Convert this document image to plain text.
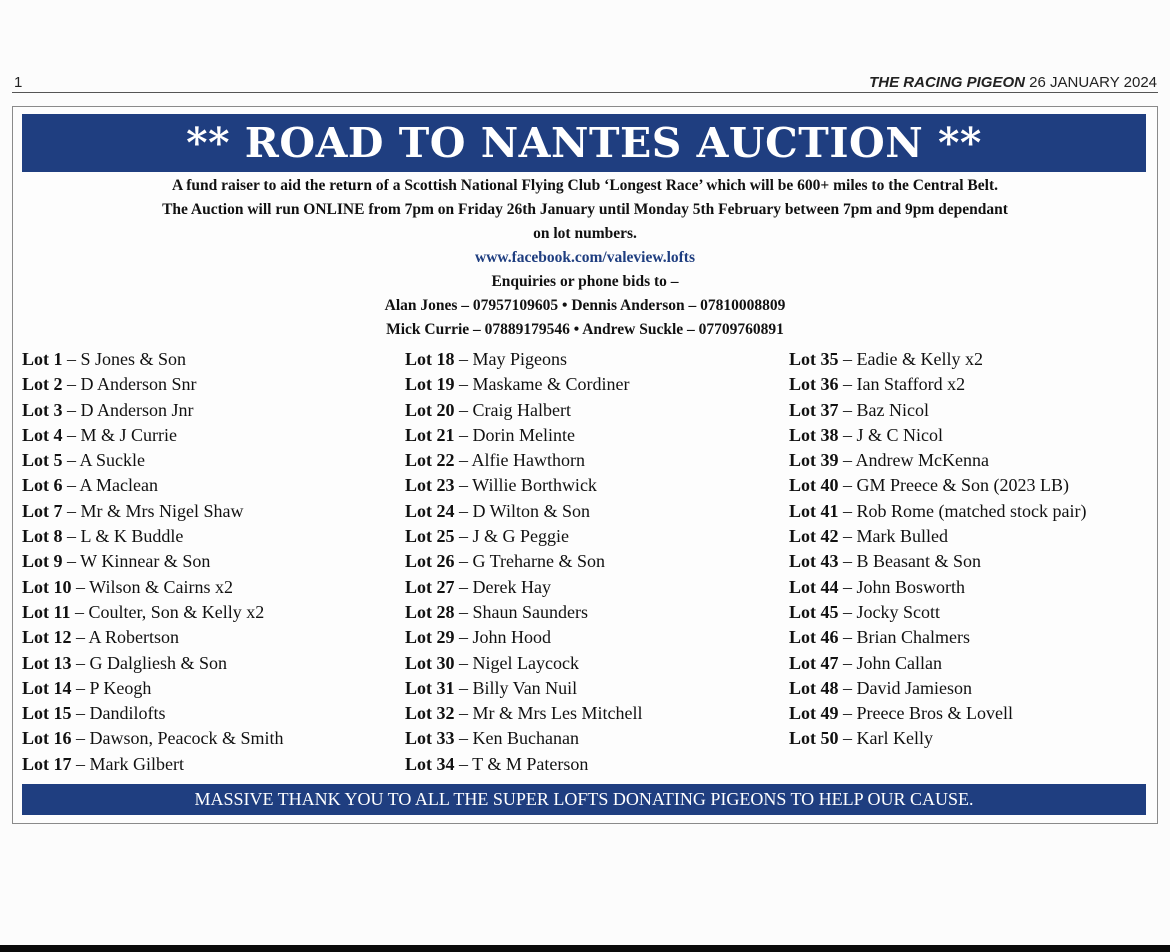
1	THE RACING PIGEON 26 JANUARY 2024
** ROAD TO NANTES AUCTION **
A fund raiser to aid the return of a Scottish National Flying Club ‘Longest Race’ which will be 600+ miles to the Central Belt.
The Auction will run ONLINE from 7pm on Friday 26th January until Monday 5th February between 7pm and 9pm dependant
on lot numbers.
www.facebook.com/valeview.lofts
Enquiries or phone bids to –
Alan Jones – 07957109605 • Dennis Anderson – 07810008809
Mick Currie – 07889179546 • Andrew Suckle – 07709760891
Lot 1 – S Jones & Son
Lot 2 – D Anderson Snr
Lot 3 – D Anderson Jnr
Lot 4 – M & J Currie
Lot 5 – A Suckle
Lot 6 – A Maclean
Lot 7 – Mr & Mrs Nigel Shaw
Lot 8 – L & K Buddle
Lot 9 – W Kinnear & Son
Lot 10 – Wilson & Cairns x2
Lot 11 – Coulter, Son & Kelly x2
Lot 12 – A Robertson
Lot 13 – G Dalgliesh & Son
Lot 14 – P Keogh
Lot 15 – Dandilofts
Lot 16 – Dawson, Peacock & Smith
Lot 17 – Mark Gilbert
Lot 18 – May Pigeons
Lot 19 – Maskame & Cordiner
Lot 20 – Craig Halbert
Lot 21 – Dorin Melinte
Lot 22 – Alfie Hawthorn
Lot 23 – Willie Borthwick
Lot 24 – D Wilton & Son
Lot 25 – J & G Peggie
Lot 26 – G Treharne & Son
Lot 27 – Derek Hay
Lot 28 – Shaun Saunders
Lot 29 – John Hood
Lot 30 – Nigel Laycock
Lot 31 – Billy Van Nuil
Lot 32 – Mr & Mrs Les Mitchell
Lot 33 – Ken Buchanan
Lot 34 – T & M Paterson
Lot 35 – Eadie & Kelly x2
Lot 36 – Ian Stafford x2
Lot 37 – Baz Nicol
Lot 38 – J & C Nicol
Lot 39 – Andrew McKenna
Lot 40 – GM Preece & Son (2023 LB)
Lot 41 – Rob Rome (matched stock pair)
Lot 42 – Mark Bulled
Lot 43 – B Beasant & Son
Lot 44 – John Bosworth
Lot 45 – Jocky Scott
Lot 46 – Brian Chalmers
Lot 47 – John Callan
Lot 48 – David Jamieson
Lot 49 – Preece Bros & Lovell
Lot 50 – Karl Kelly
MASSIVE THANK YOU TO ALL THE SUPER LOFTS DONATING PIGEONS TO HELP OUR CAUSE.
